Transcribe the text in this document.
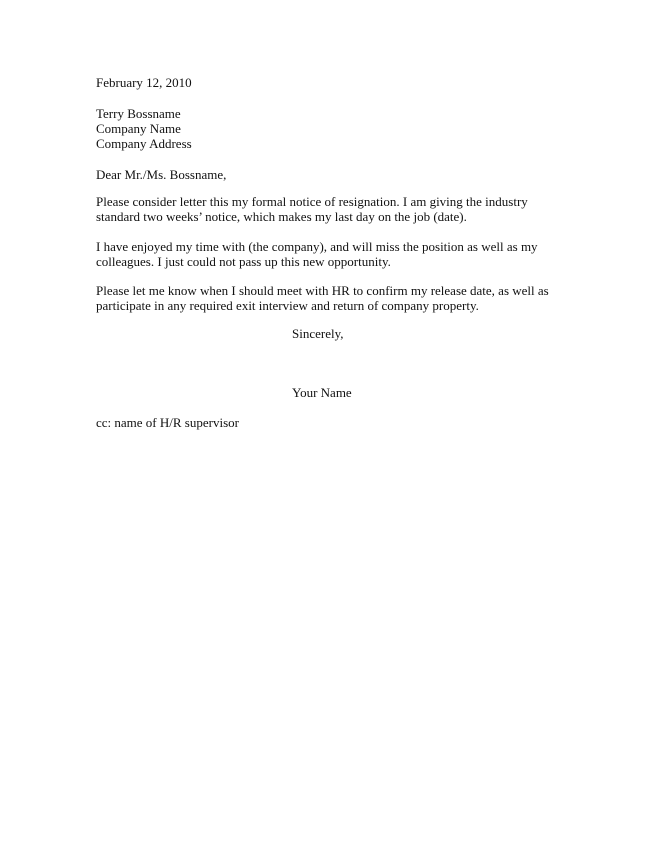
February 12, 2010
Terry Bossname
Company Name
Company Address
Dear Mr./Ms. Bossname,
Please consider letter this my formal notice of resignation. I am giving the industry
standard two weeks’ notice, which makes my last day on the job (date).
I have enjoyed my time with (the company), and will miss the position as well as my
colleagues. I just could not pass up this new opportunity.
Please let me know when I should meet with HR to confirm my release date, as well as
participate in any required exit interview and return of company property.
Sincerely,
Your Name
cc: name of H/R supervisor
